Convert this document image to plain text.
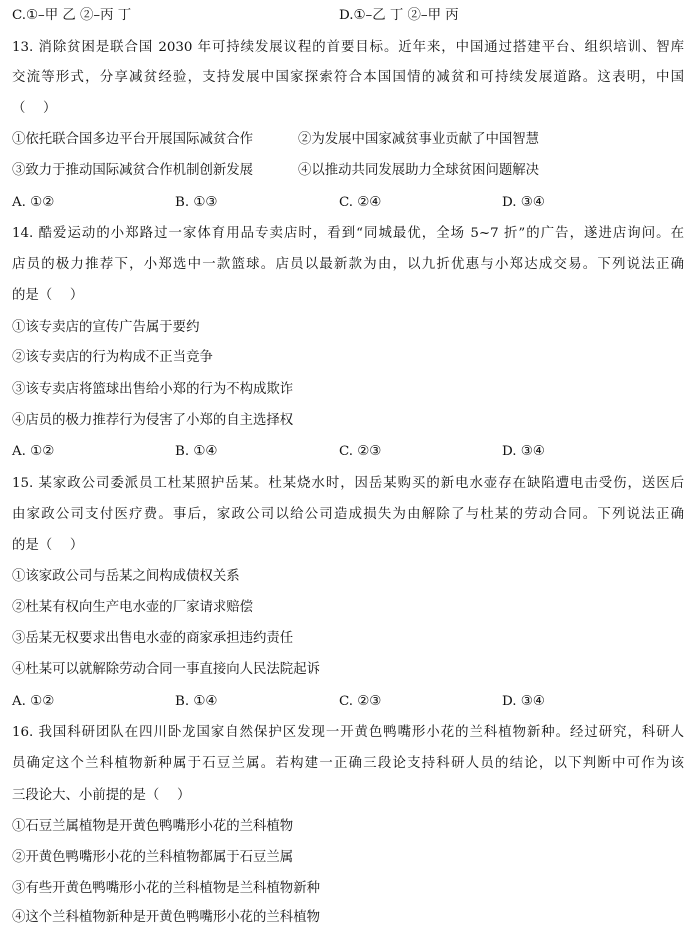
C.①–甲 乙 ②–丙 丁	D.①–乙 丁 ②–甲 丙
13. 消除贫困是联合国 2030 年可持续发展议程的首要目标。近年来，中国通过搭建平台、组织培训、智库
交流等形式，分享减贫经验，支持发展中国家探索符合本国国情的减贫和可持续发展道路。这表明，中国
（　 ）
①依托联合国多边平台开展国际减贫合作	②为发展中国家减贫事业贡献了中国智慧
③致力于推动国际减贫合作机制创新发展	④以推动共同发展助力全球贫困问题解决
A. ①②	B. ①③	C. ②④	D. ③④
14. 酷爱运动的小郑路过一家体育用品专卖店时，看到“同城最优，全场 5~7 折”的广告，遂进店询问。在
店员的极力推荐下，小郑选中一款篮球。店员以最新款为由，以九折优惠与小郑达成交易。下列说法正确
的是（　 ）
①该专卖店的宣传广告属于要约
②该专卖店的行为构成不正当竞争
③该专卖店将篮球出售给小郑的行为不构成欺诈
④店员的极力推荐行为侵害了小郑的自主选择权
A. ①②	B. ①④	C. ②③	D. ③④
15. 某家政公司委派员工杜某照护岳某。杜某烧水时，因岳某购买的新电水壶存在缺陷遭电击受伤，送医后
由家政公司支付医疗费。事后，家政公司以给公司造成损失为由解除了与杜某的劳动合同。下列说法正确
的是（　 ）
①该家政公司与岳某之间构成债权关系
②杜某有权向生产电水壶的厂家请求赔偿
③岳某无权要求出售电水壶的商家承担违约责任
④杜某可以就解除劳动合同一事直接向人民法院起诉
A. ①②	B. ①④	C. ②③	D. ③④
16. 我国科研团队在四川卧龙国家自然保护区发现一开黄色鸭嘴形小花的兰科植物新种。经过研究，科研人
员确定这个兰科植物新种属于石豆兰属。若构建一正确三段论支持科研人员的结论，以下判断中可作为该
三段论大、小前提的是（　 ）
①石豆兰属植物是开黄色鸭嘴形小花的兰科植物
②开黄色鸭嘴形小花的兰科植物都属于石豆兰属
③有些开黄色鸭嘴形小花的兰科植物是兰科植物新种
④这个兰科植物新种是开黄色鸭嘴形小花的兰科植物
